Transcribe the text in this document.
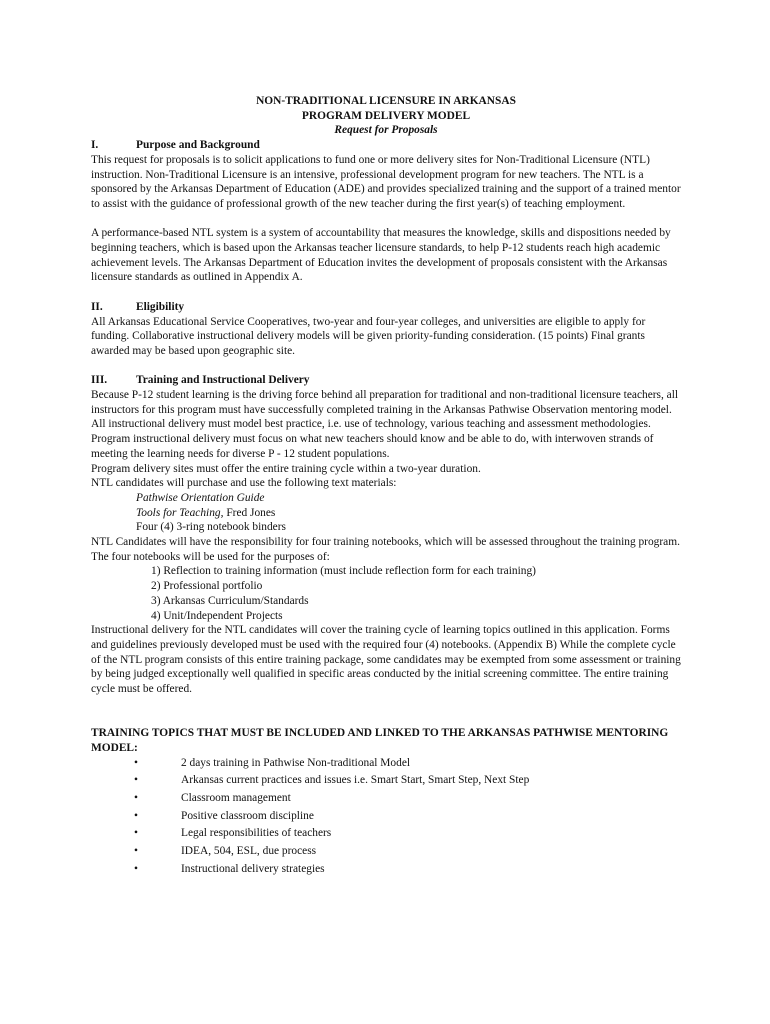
NON-TRADITIONAL LICENSURE IN ARKANSAS
PROGRAM DELIVERY MODEL
Request for Proposals
I.	Purpose and Background

This request for proposals is to solicit applications to fund one or more delivery sites for Non-Traditional Licensure (NTL) instruction. Non-Traditional Licensure is an intensive, professional development program for new teachers. The NTL is a sponsored by the Arkansas Department of Education (ADE) and provides specialized training and the support of a trained mentor to assist with the guidance of professional growth of the new teacher during the first year(s) of teaching employment.

A performance-based NTL system is a system of accountability that measures the knowledge, skills and dispositions needed by beginning teachers, which is based upon the Arkansas teacher licensure standards, to help P-12 students reach high academic achievement levels. The Arkansas Department of Education invites the development of proposals consistent with the Arkansas licensure standards as outlined in Appendix A.

II.	Eligibility

All Arkansas Educational Service Cooperatives, two-year and four-year colleges, and universities are eligible to apply for funding. Collaborative instructional delivery models will be given priority-funding consideration. (15 points) Final grants awarded may be based upon geographic site.

III.	Training and Instructional Delivery

Because P-12 student learning is the driving force behind all preparation for traditional and non-traditional licensure teachers, all instructors for this program must have successfully completed training in the Arkansas Pathwise Observation mentoring model. All instructional delivery must model best practice, i.e. use of technology, various teaching and assessment methodologies. Program instructional delivery must focus on what new teachers should know and be able to do, with interwoven strands of meeting the learning needs for diverse P - 12 student populations.

Program delivery sites must offer the entire training cycle within a two-year duration.

NTL candidates will purchase and use the following text materials:

Pathwise Orientation Guide

Tools for Teaching, Fred Jones

Four (4) 3-ring notebook binders

NTL Candidates will have the responsibility for four training notebooks, which will be assessed throughout the training program. The four notebooks will be used for the purposes of:

1) Reflection to training information (must include reflection form for each training)

2) Professional portfolio

3) Arkansas Curriculum/Standards

4) Unit/Independent Projects

Instructional delivery for the NTL candidates will cover the training cycle of learning topics outlined in this application. Forms and guidelines previously developed must be used with the required four (4) notebooks. (Appendix B) While the complete cycle of the NTL program consists of this entire training package, some candidates may be exempted from some assessment or training by being judged exceptionally well qualified in specific areas conducted by the initial screening committee. The entire training cycle must be offered.

TRAINING TOPICS THAT MUST BE INCLUDED AND LINKED TO THE ARKANSAS PATHWISE MENTORING MODEL:

•	2 days training in Pathwise Non-traditional Model
•	Arkansas current practices and issues i.e. Smart Start, Smart Step, Next Step
•	Classroom management
•	Positive classroom discipline
•	Legal responsibilities of teachers
•	IDEA, 504, ESL, due process
•	Instructional delivery strategies
